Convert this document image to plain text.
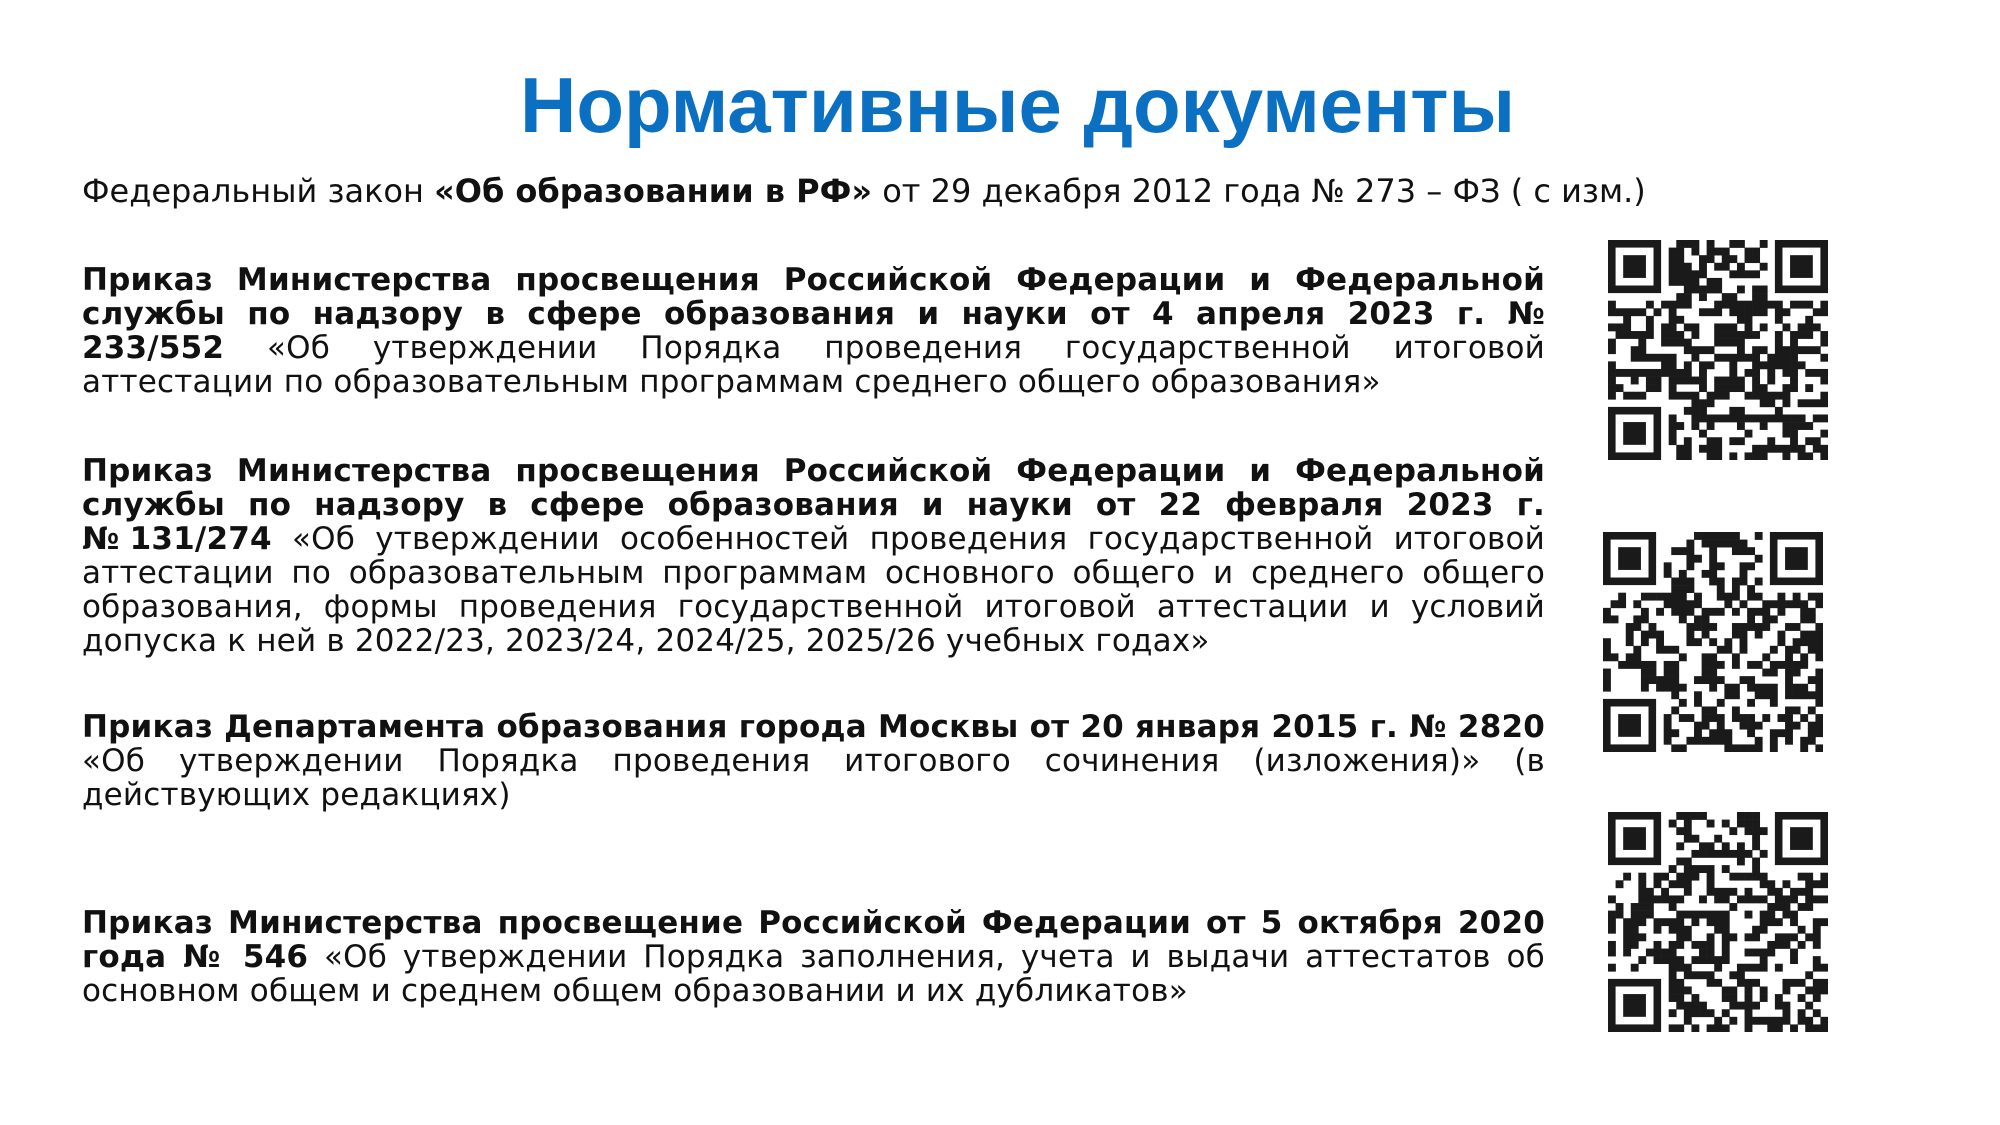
Нормативные документы

Федеральный закон «Об образовании в РФ» от 29 декабря 2012 года № 273 – ФЗ ( с изм.)

Приказ Министерства просвещения Российской Федерации и Федеральной службы по надзору в сфере образования и науки от 4 апреля 2023 г. № 233/552 «Об утверждении Порядка проведения государственной итоговой аттестации по образовательным программам среднего общего образования»

Приказ Министерства просвещения Российской Федерации и Федеральной службы по надзору в сфере образования и науки от 22 февраля 2023 г. №131/274 «Об утверждении особенностей проведения государственной итоговой аттестации по образовательным программам основного общего и среднего общего образования, формы проведения государственной итоговой аттестации и условий допуска к ней в 2022/23, 2023/24, 2024/25, 2025/26 учебных годах»

Приказ Департамента образования города Москвы от 20 января 2015 г. № 2820 «Об утверждении Порядка проведения итогового сочинения (изложения)» (в действующих редакциях)

Приказ Министерства просвещение Российской Федерации от 5 октября 2020 года № 546 «Об утверждении Порядка заполнения, учета и выдачи аттестатов об основном общем и среднем общем образовании и их дубликатов»
